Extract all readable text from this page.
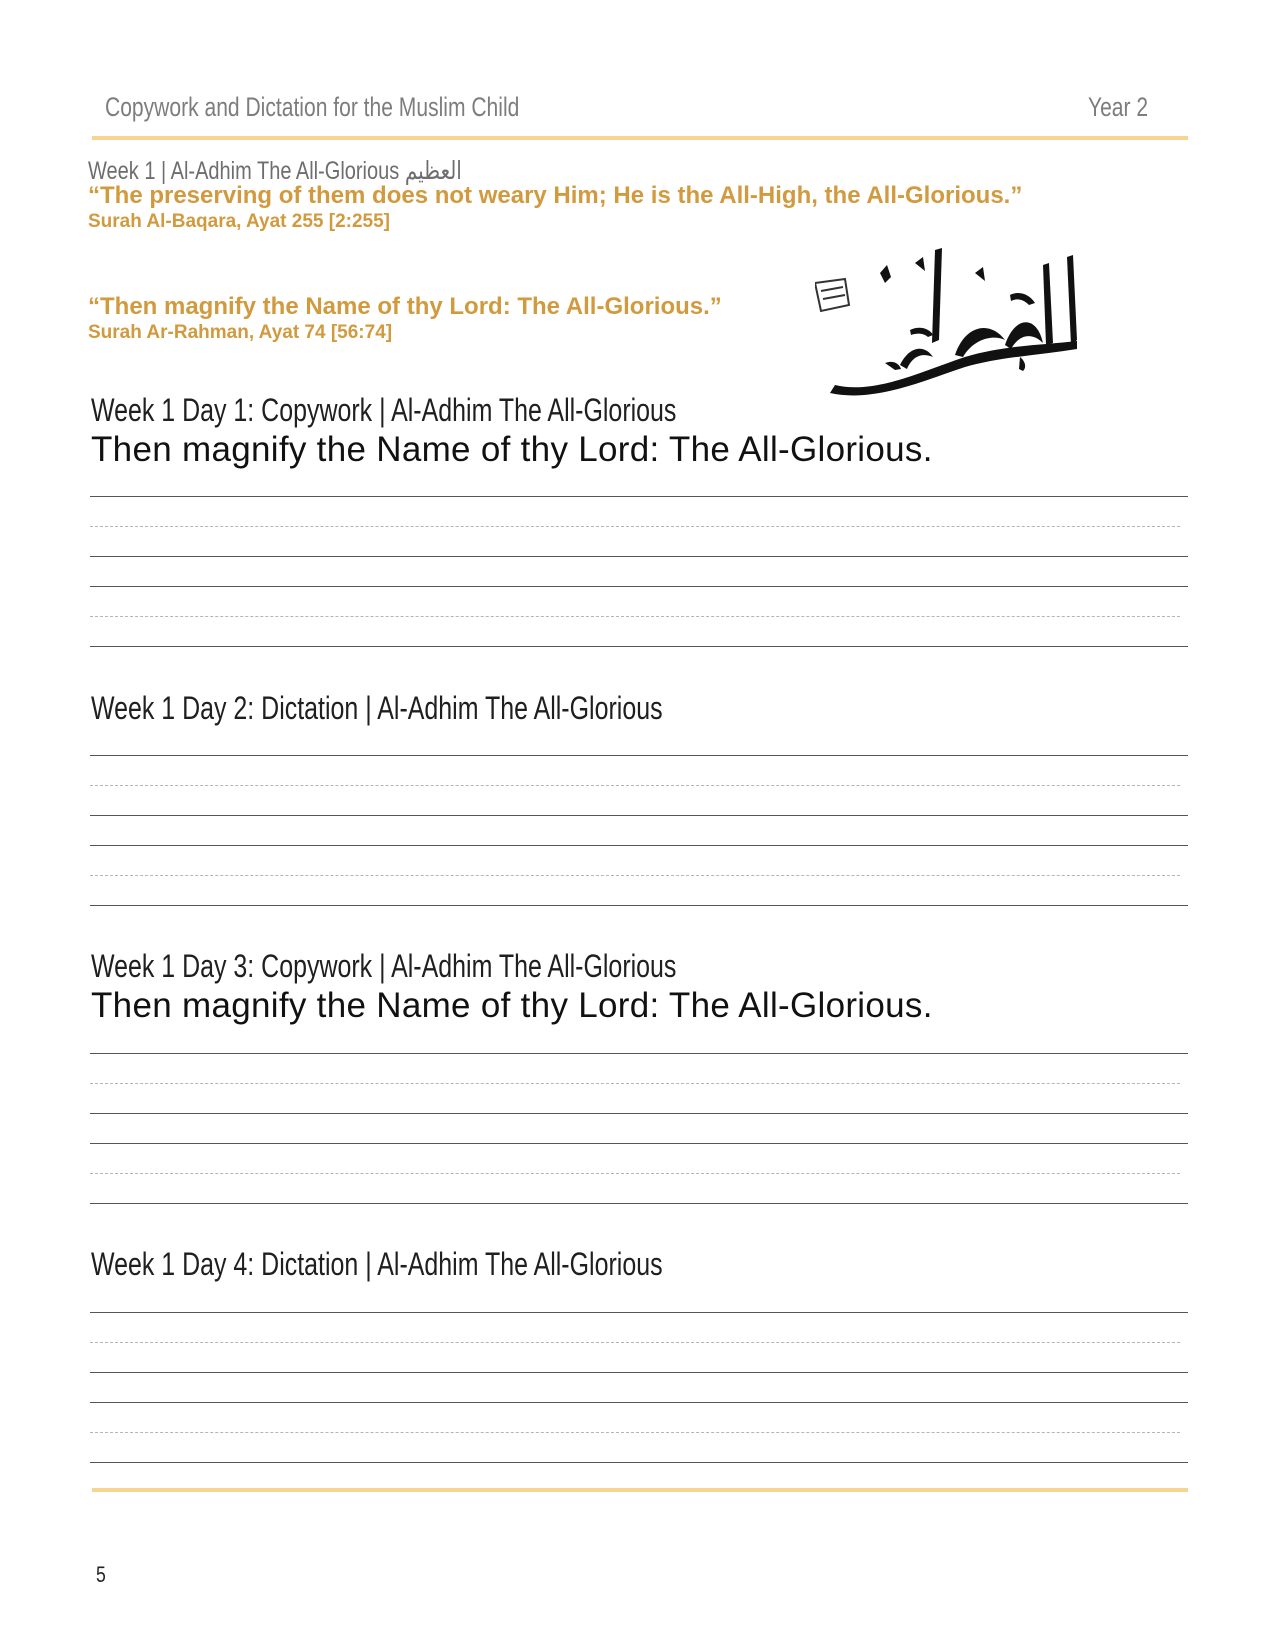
Copywork and Dictation for the Muslim Child	Year 2
Week 1 | Al-Adhim The All-Glorious العظيم
“The preserving of them does not weary Him; He is the All-High, the All-Glorious.”
Surah Al-Baqara, Ayat 255 [2:255]
“Then magnify the Name of thy Lord: The All-Glorious.”
Surah Ar-Rahman, Ayat 74 [56:74]
Week 1 Day 1: Copywork | Al-Adhim The All-Glorious
Then magnify the Name of thy Lord: The All-Glorious.
Week 1 Day 2: Dictation | Al-Adhim The All-Glorious
Week 1 Day 3: Copywork | Al-Adhim The All-Glorious
Then magnify the Name of thy Lord: The All-Glorious.
Week 1 Day 4: Dictation | Al-Adhim The All-Glorious
5
